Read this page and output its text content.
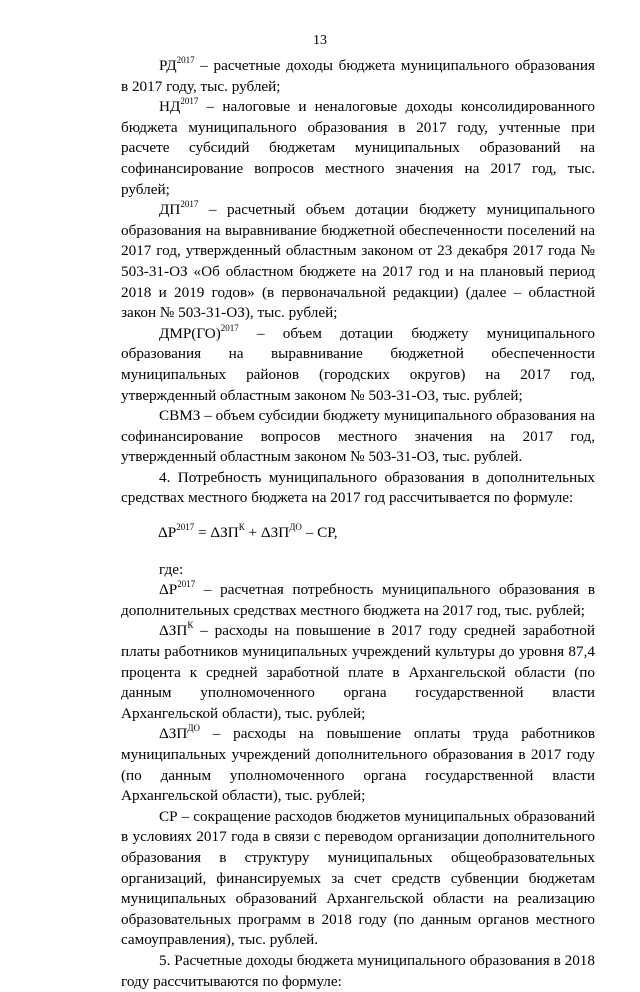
13

$РД^{2017}$ – расчетные доходы бюджета муниципального образования в 2017 году, тыс. рублей;

$НД^{2017}$ – налоговые и неналоговые доходы консолидированного бюджета муниципального образования в 2017 году, учтенные при расчете субсидий бюджетам муниципальных образований на софинансирование вопросов местного значения на 2017 год, тыс. рублей;

$ДП^{2017}$ – расчетный объем дотации бюджету муниципального образования на выравнивание бюджетной обеспеченности поселений на 2017 год, утвержденный областным законом от 23 декабря 2017 года № 503-31-ОЗ «Об областном бюджете на 2017 год и на плановый период 2018 и 2019 годов» (в первоначальной редакции) (далее – областной закон № 503-31-ОЗ), тыс. рублей;

ДМР(ГО)$^{2017}$ – объем дотации бюджету муниципального образования на выравнивание бюджетной обеспеченности муниципальных районов (городских округов) на 2017 год, утвержденный областным законом № 503-31-ОЗ, тыс. рублей;

СВМЗ – объем субсидии бюджету муниципального образования на софинансирование вопросов местного значения на 2017 год, утвержденный областным законом № 503-31-ОЗ, тыс. рублей.

4. Потребность муниципального образования в дополнительных средствах местного бюджета на 2017 год рассчитывается по формуле:

$\Delta Р^{2017} = \Delta ЗП^К + \Delta ЗП^{ДО}$ – СР,

где:

$\Delta Р^{2017}$ – расчетная потребность муниципального образования в дополнительных средствах местного бюджета на 2017 год, тыс. рублей;

$\Delta ЗП^К$ – расходы на повышение в 2017 году средней заработной платы работников муниципальных учреждений культуры до уровня 87,4 процента к средней заработной плате в Архангельской области (по данным уполномоченного органа государственной власти Архангельской области), тыс. рублей;

$\Delta ЗП^{ДО}$ – расходы на повышение оплаты труда работников муниципальных учреждений дополнительного образования в 2017 году (по данным уполномоченного органа государственной власти Архангельской области), тыс. рублей;

СР – сокращение расходов бюджетов муниципальных образований в условиях 2017 года в связи с переводом организации дополнительного образования в структуру муниципальных общеобразовательных организаций, финансируемых за счет средств субвенции бюджетам муниципальных образований Архангельской области на реализацию образовательных программ в 2018 году (по данным органов местного самоуправления), тыс. рублей.

5. Расчетные доходы бюджета муниципального образования в 2018 году рассчитываются по формуле:
